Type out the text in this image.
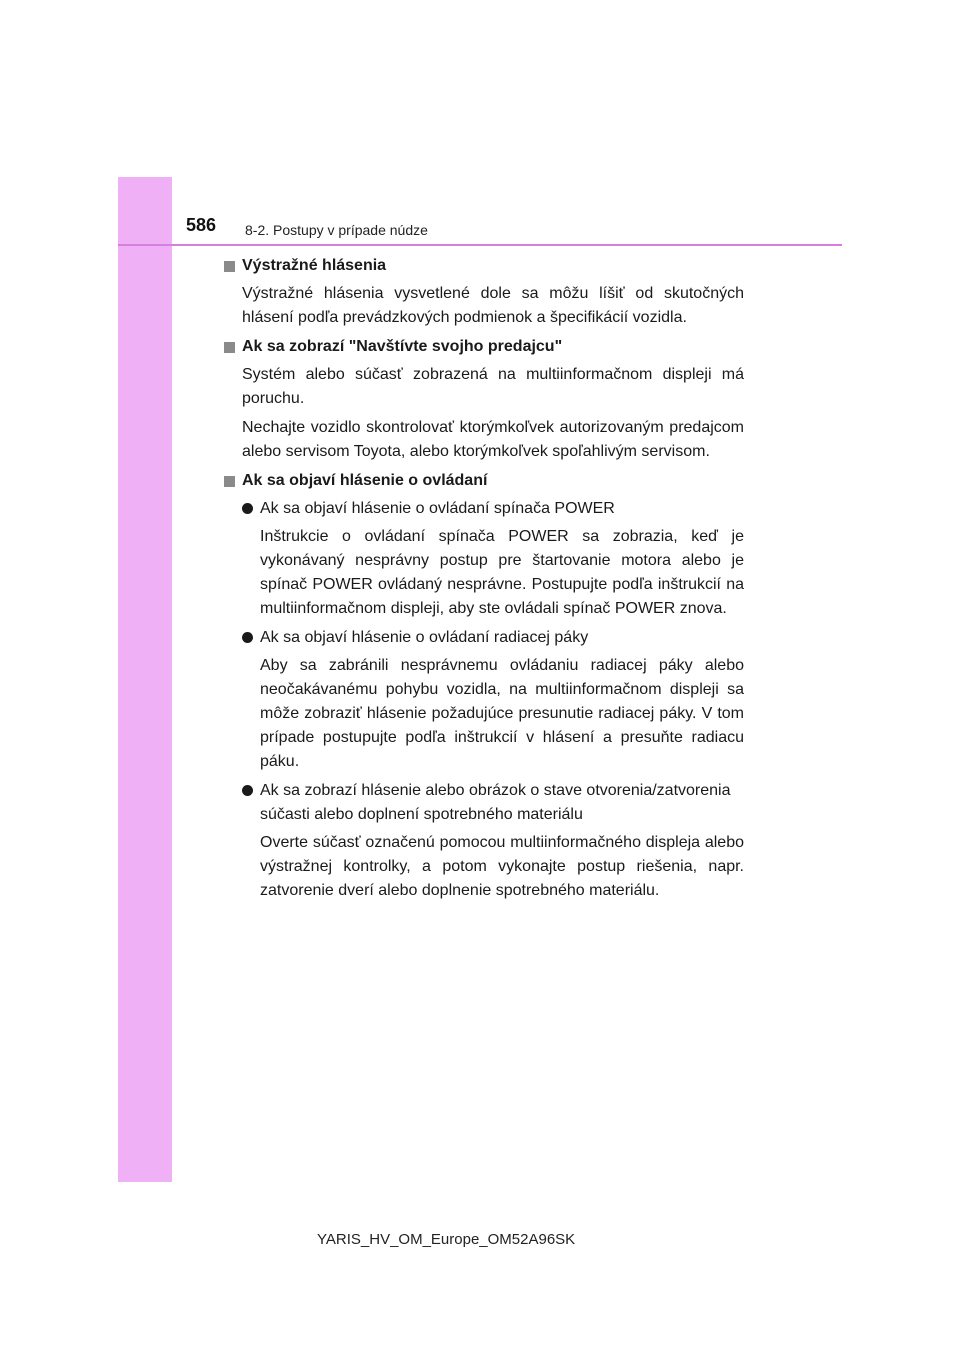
586 8-2. Postupy v prípade núdze
Výstražné hlásenia

Výstražné hlásenia vysvetlené dole sa môžu líšiť od skutočných hlásení podľa prevádzkových podmienok a špecifikácií vozidla.

Ak sa zobrazí "Navštívte svojho predajcu"

Systém alebo súčasť zobrazená na multiinformačnom displeji má poruchu.

Nechajte vozidlo skontrolovať ktorýmkoľvek autorizovaným predajcom alebo servisom Toyota, alebo ktorýmkoľvek spoľahlivým servisom.

Ak sa objaví hlásenie o ovládaní
Ak sa objaví hlásenie o ovládaní spínača POWER

Inštrukcie o ovládaní spínača POWER sa zobrazia, keď je vykonávaný nesprávny postup pre štartovanie motora alebo je spínač POWER ovládaný nesprávne. Postupujte podľa inštrukcií na multiinformačnom displeji, aby ste ovládali spínač POWER znova.

Ak sa objaví hlásenie o ovládaní radiacej páky

Aby sa zabránili nesprávnemu ovládaniu radiacej páky alebo neočakávanému pohybu vozidla, na multiinformačnom displeji sa môže zobraziť hlásenie požadujúce presunutie radiacej páky. V tom prípade postupujte podľa inštrukcií v hlásení a presuňte radiacu páku.

Ak sa zobrazí hlásenie alebo obrázok o stave otvorenia/zatvorenia súčasti alebo doplnení spotrebného materiálu

Overte súčasť označenú pomocou multiinformačného displeja alebo výstražnej kontrolky, a potom vykonajte postup riešenia, napr. zatvorenie dverí alebo doplnenie spotrebného materiálu.

YARIS_HV_OM_Europe_OM52A96SK
